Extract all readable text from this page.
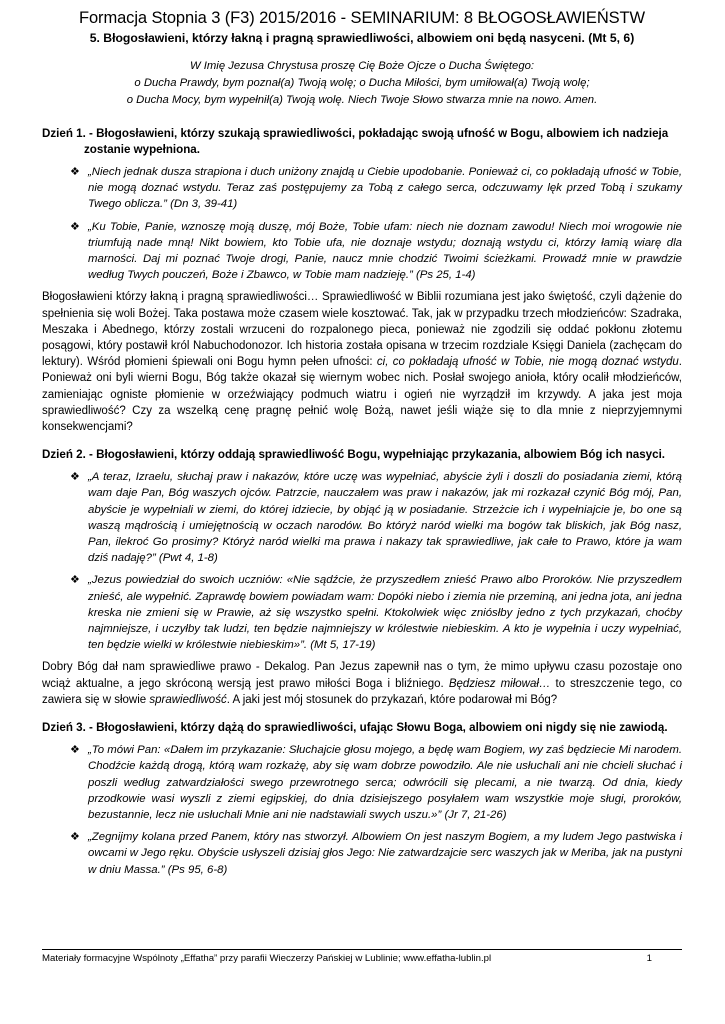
Formacja Stopnia 3 (F3) 2015/2016 - SEMINARIUM: 8 BŁOGOSŁAWIEŃSTW
5. Błogosławieni, którzy łakną i pragną sprawiedliwości, albowiem oni będą nasyceni. (Mt 5, 6)
W Imię Jezusa Chrystusa proszę Cię Boże Ojcze o Ducha Świętego:
o Ducha Prawdy, bym poznał(a) Twoją wolę; o Ducha Miłości, bym umiłował(a) Twoją wolę;
o Ducha Mocy, bym wypełnił(a) Twoją wolę. Niech Twoje Słowo stwarza mnie na nowo. Amen.
Dzień 1. - Błogosławieni, którzy szukają sprawiedliwości, pokładając swoją ufność w Bogu, albowiem ich nadzieja
zostanie wypełniona.
❖ „Niech jednak dusza strapiona i duch uniżony znajdą u Ciebie upodobanie. Ponieważ ci, co pokładają ufność w Tobie, nie mogą doznać wstydu. Teraz zaś postępujemy za Tobą z całego serca, odczuwamy lęk przed Tobą i szukamy Twego oblicza.” (Dn 3, 39-41)
❖ „Ku Tobie, Panie, wznoszę moją duszę, mój Boże, Tobie ufam: niech nie doznam zawodu! Niech moi wrogowie nie triumfują nade mną! Nikt bowiem, kto Tobie ufa, nie doznaje wstydu; doznają wstydu ci, którzy łamią wiarę dla marności. Daj mi poznać Twoje drogi, Panie, naucz mnie chodzić Twoimi ścieżkami. Prowadź mnie w prawdzie według Twych pouczeń, Boże i Zbawco, w Tobie mam nadzieję.” (Ps 25, 1-4)
Błogosławieni którzy łakną i pragną sprawiedliwości… Sprawiedliwość w Biblii rozumiana jest jako świętość, czyli dążenie do spełnienia się woli Bożej. Taka postawa może czasem wiele kosztować. Tak, jak w przypadku trzech młodzieńców: Szadraka, Meszaka i Abednego, którzy zostali wrzuceni do rozpalonego pieca, ponieważ nie zgodzili się oddać pokłonu złotemu posągowi, który postawił król Nabuchodonozor. Ich historia została opisana w trzecim rozdziale Księgi Daniela (zachęcam do lektury). Wśród płomieni śpiewali oni Bogu hymn pełen ufności: ci, co pokładają ufność w Tobie, nie mogą doznać wstydu. Ponieważ oni byli wierni Bogu, Bóg także okazał się wiernym wobec nich. Posłał swojego anioła, który ocalił młodzieńców, zamieniając ogniste płomienie w orzeźwiający podmuch wiatru i ogień nie wyrządził im krzywdy. A jaka jest moja sprawiedliwość? Czy za wszelką cenę pragnę pełnić wolę Bożą, nawet jeśli wiąże się to dla mnie z nieprzyjemnymi konsekwencjami?
Dzień 2. - Błogosławieni, którzy oddają sprawiedliwość Bogu, wypełniając przykazania, albowiem Bóg ich nasyci.
❖ „A teraz, Izraelu, słuchaj praw i nakazów, które uczę was wypełniać, abyście żyli i doszli do posiadania ziemi, którą wam daje Pan, Bóg waszych ojców. Patrzcie, nauczałem was praw i nakazów, jak mi rozkazał czynić Bóg mój, Pan, abyście je wypełniali w ziemi, do której idziecie, by objąć ją w posiadanie. Strzeżcie ich i wypełniajcie je, bo one są waszą mądrością i umiejętnością w oczach narodów. Bo któryż naród wielki ma bogów tak bliskich, jak Bóg nasz, Pan, ilekroć Go prosimy? Któryż naród wielki ma prawa i nakazy tak sprawiedliwe, jak całe to Prawo, które ja wam dziś nadaję?” (Pwt 4, 1-8)
❖ „Jezus powiedział do swoich uczniów: «Nie sądźcie, że przyszedłem znieść Prawo albo Proroków. Nie przyszedłem znieść, ale wypełnić. Zaprawdę bowiem powiadam wam: Dopóki niebo i ziemia nie przeminą, ani jedna jota, ani jedna kreska nie zmieni się w Prawie, aż się wszystko spełni. Ktokolwiek więc zniósłby jedno z tych przykazań, choćby najmniejsze, i uczyłby tak ludzi, ten będzie najmniejszy w królestwie niebieskim. A kto je wypełnia i uczy wypełniać, ten będzie wielki w królestwie niebieskim»”. (Mt 5, 17-19)
Dobry Bóg dał nam sprawiedliwe prawo - Dekalog. Pan Jezus zapewnił nas o tym, że mimo upływu czasu pozostaje ono wciąż aktualne, a jego skróconą wersją jest prawo miłości Boga i bliźniego. Będziesz miłował… to streszczenie tego, co zawiera się w słowie sprawiedliwość. A jaki jest mój stosunek do przykazań, które podarował mi Bóg?
Dzień 3. - Błogosławieni, którzy dążą do sprawiedliwości, ufając Słowu Boga, albowiem oni nigdy się nie zawiodą.
❖ „To mówi Pan: «Dałem im przykazanie: Słuchajcie głosu mojego, a będę wam Bogiem, wy zaś będziecie Mi narodem. Chodźcie każdą drogą, którą wam rozkażę, aby się wam dobrze powodziło. Ale nie usłuchali ani nie chcieli słuchać i poszli według zatwardziałości swego przewrotnego serca; odwrócili się plecami, a nie twarzą. Od dnia, kiedy przodkowie wasi wyszli z ziemi egipskiej, do dnia dzisiejszego posyłałem wam wszystkie moje sługi, proroków, bezustannie, lecz nie usłuchali Mnie ani nie nadstawiali swych uszu.»” (Jr 7, 21-26)
❖ „Zegnijmy kolana przed Panem, który nas stworzył. Albowiem On jest naszym Bogiem, a my ludem Jego pastwiska i owcami w Jego ręku. Obyście usłyszeli dzisiaj głos Jego: Nie zatwardzajcie serc waszych jak w Meriba, jak na pustyni w dniu Massa.” (Ps 95, 6-8)
Materiały formacyjne Wspólnoty „Effatha” przy parafii Wieczerzy Pańskiej w Lublinie; www.effatha-lublin.pl	1
